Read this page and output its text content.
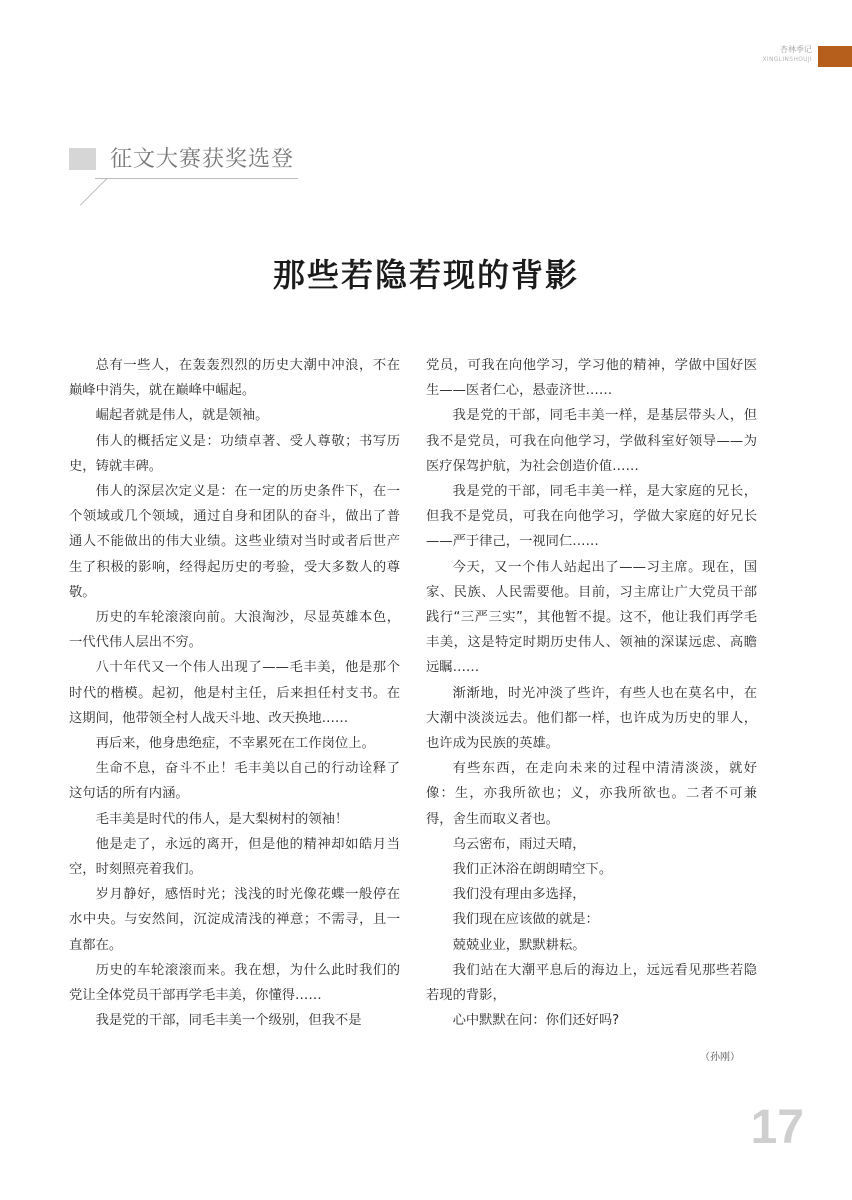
杏林季记
XINGLINSHOUJI
征文大赛获奖选登
那些若隐若现的背影

总有一些人，在轰轰烈烈的历史大潮中冲浪，不在巅峰中消失，就在巅峰中崛起。

崛起者就是伟人，就是领袖。

伟人的概括定义是：功绩卓著、受人尊敬；书写历史，铸就丰碑。

伟人的深层次定义是：在一定的历史条件下，在一个领域或几个领域，通过自身和团队的奋斗，做出了普通人不能做出的伟大业绩。这些业绩对当时或者后世产生了积极的影响，经得起历史的考验，受大多数人的尊敬。

历史的车轮滚滚向前。大浪淘沙，尽显英雄本色，一代代伟人层出不穷。

八十年代又一个伟人出现了——毛丰美，他是那个时代的楷模。起初，他是村主任，后来担任村支书。在这期间，他带领全村人战天斗地、改天换地……

再后来，他身患绝症，不幸累死在工作岗位上。

生命不息，奋斗不止！毛丰美以自己的行动诠释了这句话的所有内涵。

毛丰美是时代的伟人，是大梨树村的领袖！

他是走了，永远的离开，但是他的精神却如皓月当空，时刻照亮着我们。

岁月静好，感悟时光；浅浅的时光像花蝶一般停在水中央。与安然间，沉淀成清浅的禅意；不需寻，且一直都在。

历史的车轮滚滚而来。我在想，为什么此时我们的党让全体党员干部再学毛丰美，你懂得……

我是党的干部，同毛丰美一个级别，但我不是

党员，可我在向他学习，学习他的精神，学做中国好医生——医者仁心，悬壶济世……

我是党的干部，同毛丰美一样，是基层带头人，但我不是党员，可我在向他学习，学做科室好领导——为医疗保驾护航，为社会创造价值……

我是党的干部，同毛丰美一样，是大家庭的兄长，但我不是党员，可我在向他学习，学做大家庭的好兄长——严于律己，一视同仁……

今天，又一个伟人站起出了——习主席。现在，国家、民族、人民需要他。目前，习主席让广大党员干部践行“三严三实”，其他暂不提。这不，他让我们再学毛丰美，这是特定时期历史伟人、领袖的深谋远虑、高瞻远瞩……

渐渐地，时光冲淡了些许，有些人也在莫名中，在大潮中淡淡远去。他们都一样，也许成为历史的罪人，也许成为民族的英雄。

有些东西，在走向未来的过程中清清淡淡，就好像：生，亦我所欲也；义，亦我所欲也。二者不可兼得，舍生而取义者也。

乌云密布，雨过天晴，

我们正沐浴在朗朗晴空下。

我们没有理由多选择，

我们现在应该做的就是：

兢兢业业，默默耕耘。

我们站在大潮平息后的海边上，远远看见那些若隐若现的背影，

心中默默在问：你们还好吗?

（孙刚）
17
